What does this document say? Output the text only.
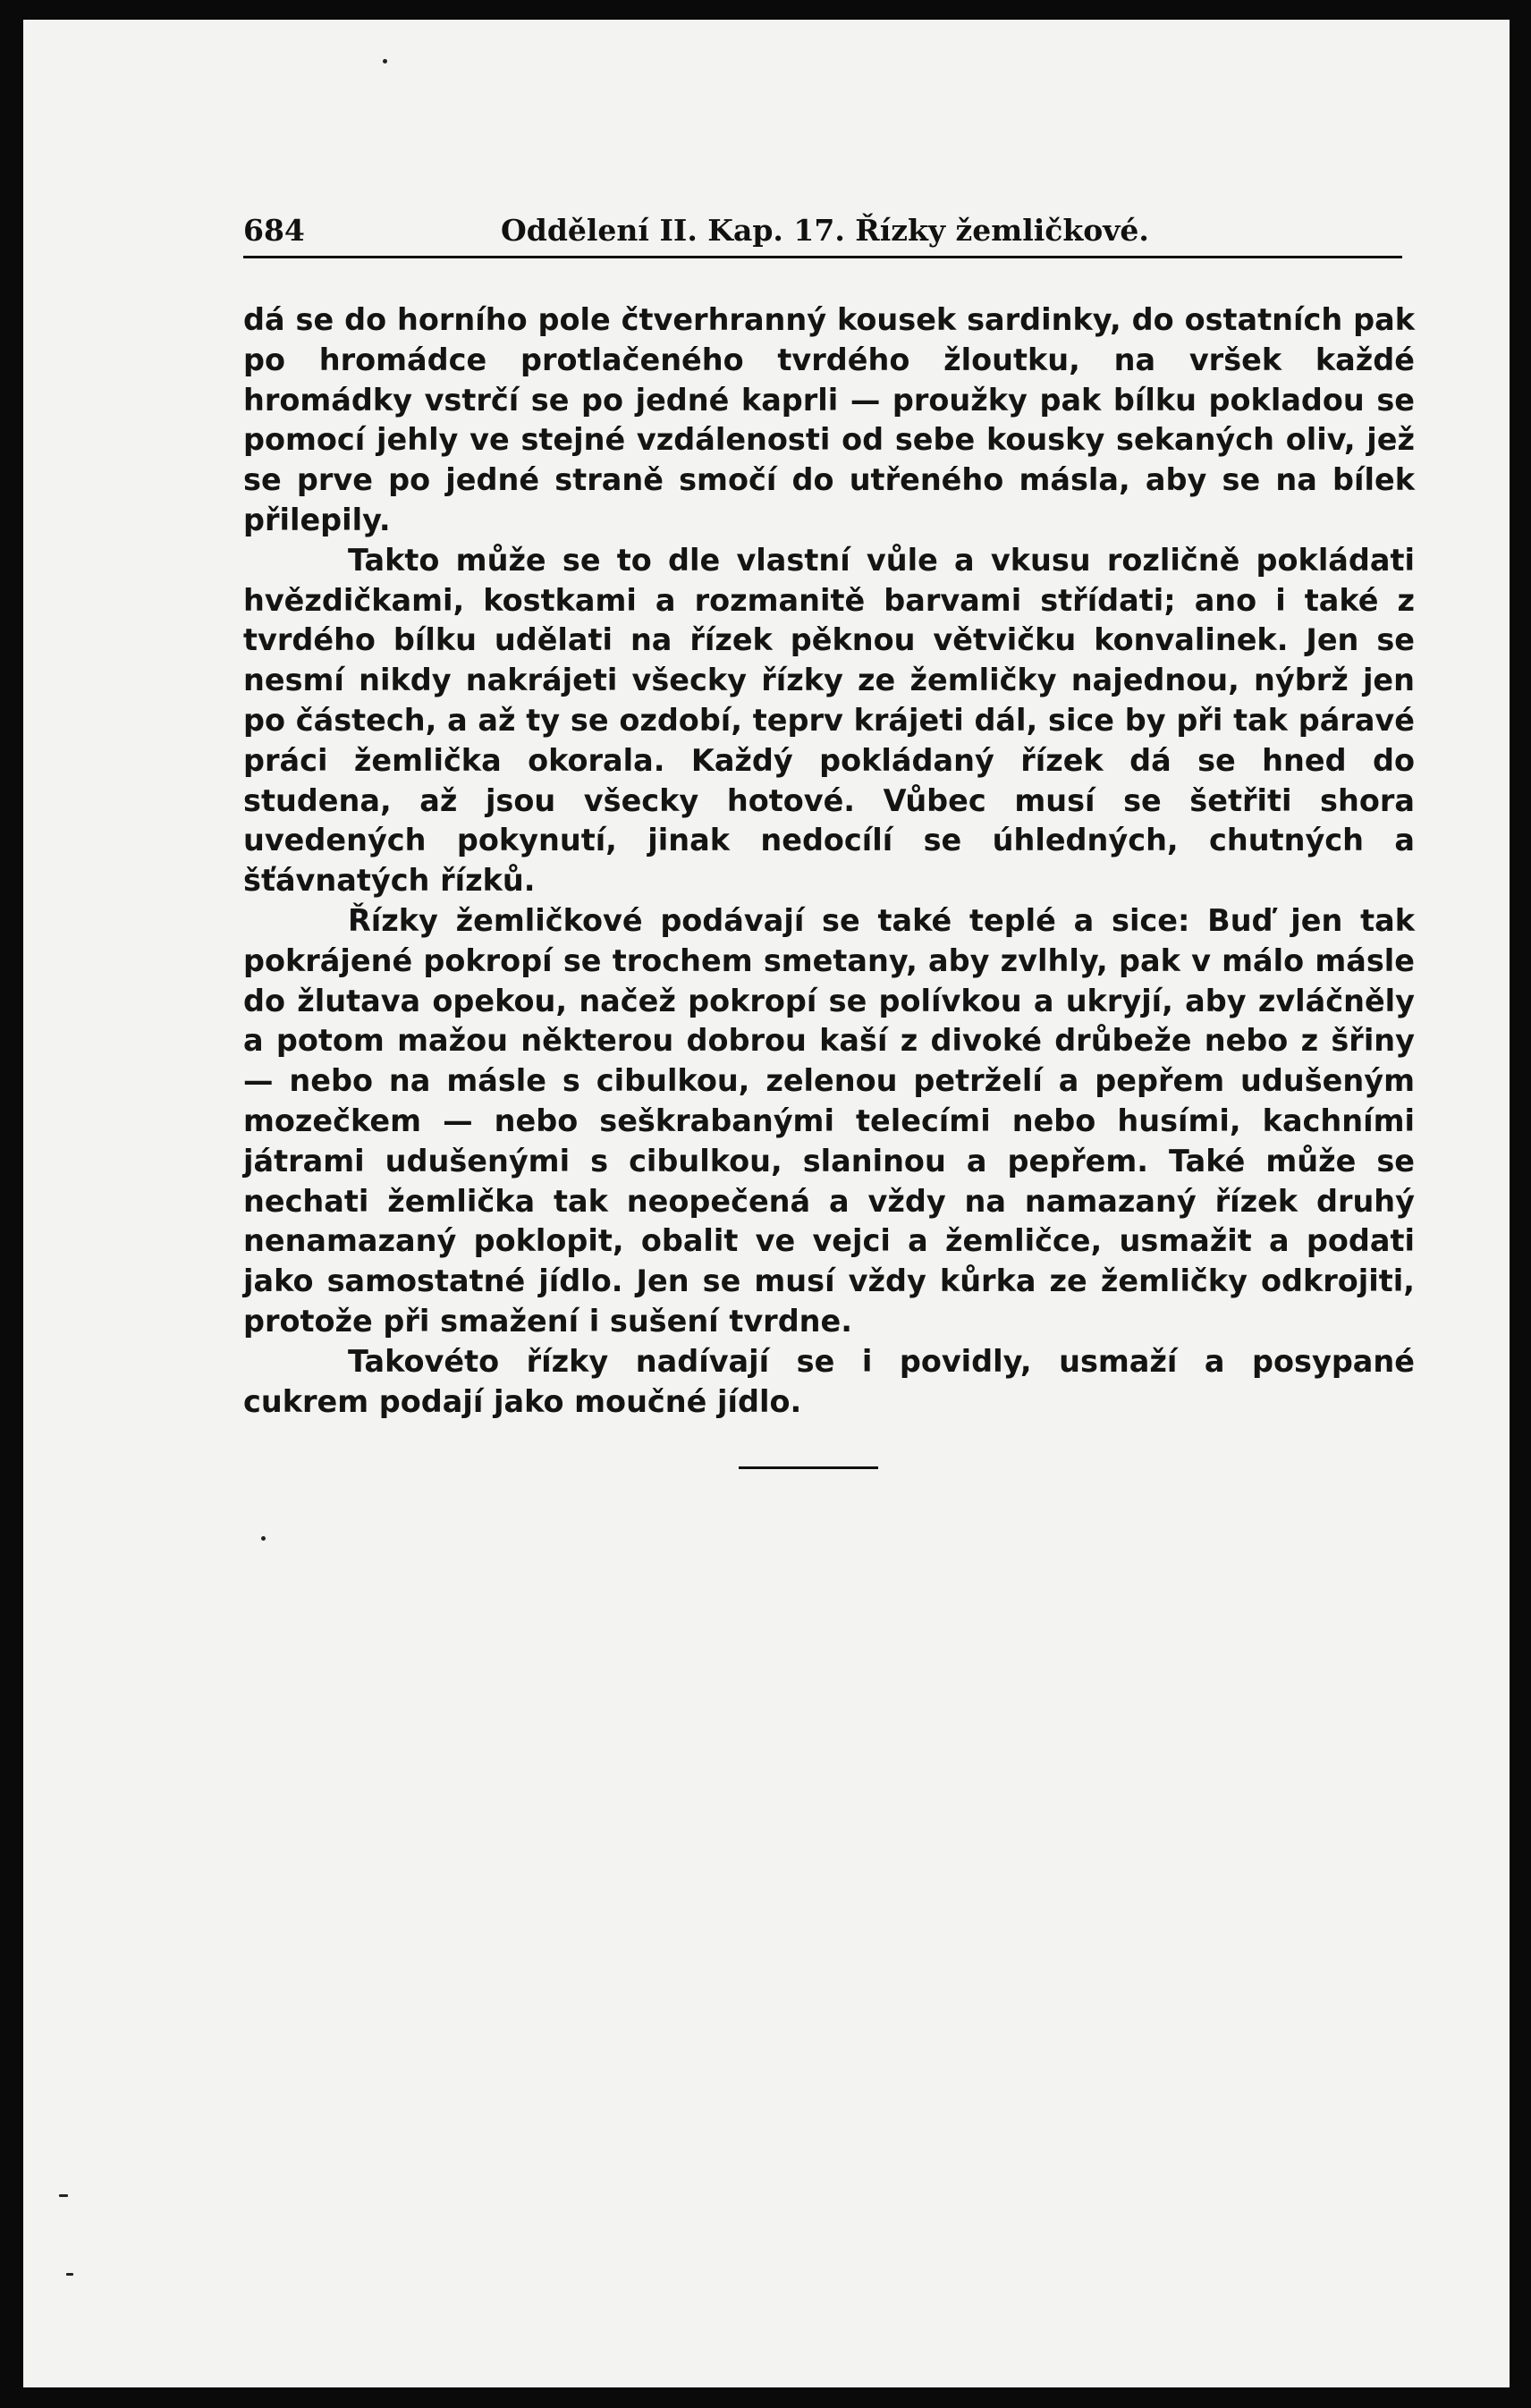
684	Oddělení II. Kap. 17. Řízky žemličkové.

dá se do horního pole čtverhranný kousek sardinky, do ostatních pak po hromádce protlačeného tvrdého žloutku, na vršek každé hromádky vstrčí se po jedné kaprli — proužky pak bílku pokladou se pomocí jehly ve stejné vzdálenosti od sebe kousky sekaných oliv, jež se prve po jedné straně smočí do utřeného másla, aby se na bílek přilepily.

Takto může se to dle vlastní vůle a vkusu rozličně pokládati hvězdičkami, kostkami a rozmanitě barvami střídati; ano i také z tvrdého bílku udělati na řízek pěknou větvičku konvalinek. Jen se nesmí nikdy nakrájeti všecky řízky ze žemličky najednou, nýbrž jen po částech, a až ty se ozdobí, teprv krájeti dál, sice by při tak páravé práci žemlička okorala. Každý pokládaný řízek dá se hned do studena, až jsou všecky hotové. Vůbec musí se šetřiti shora uvedených pokynutí, jinak nedocílí se úhledných, chutných a šťávnatých řízků.

Řízky žemličkové podávají se také teplé a sice: Buď jen tak pokrájené pokropí se trochem smetany, aby zvlhly, pak v málo másle do žlutava opekou, načež pokropí se polívkou a ukryjí, aby zvláčněly a potom mažou některou dobrou kaší z divoké drůbeže nebo z šřiny — nebo na másle s cibulkou, zelenou petrželí a pepřem udušeným mozečkem — nebo seškrabanými telecími nebo husími, kachními játrami udušenými s cibulkou, slaninou a pepřem. Také může se nechati žemlička tak neopečená a vždy na namazaný řízek druhý nenamazaný poklopit, obalit ve vejci a žemličce, usmažit a podati jako samostatné jídlo. Jen se musí vždy kůrka ze žemličky odkrojiti, protože při smažení i sušení tvrdne.

Takovéto řízky nadívají se i povidly, usmaží a posypané cukrem podají jako moučné jídlo.
